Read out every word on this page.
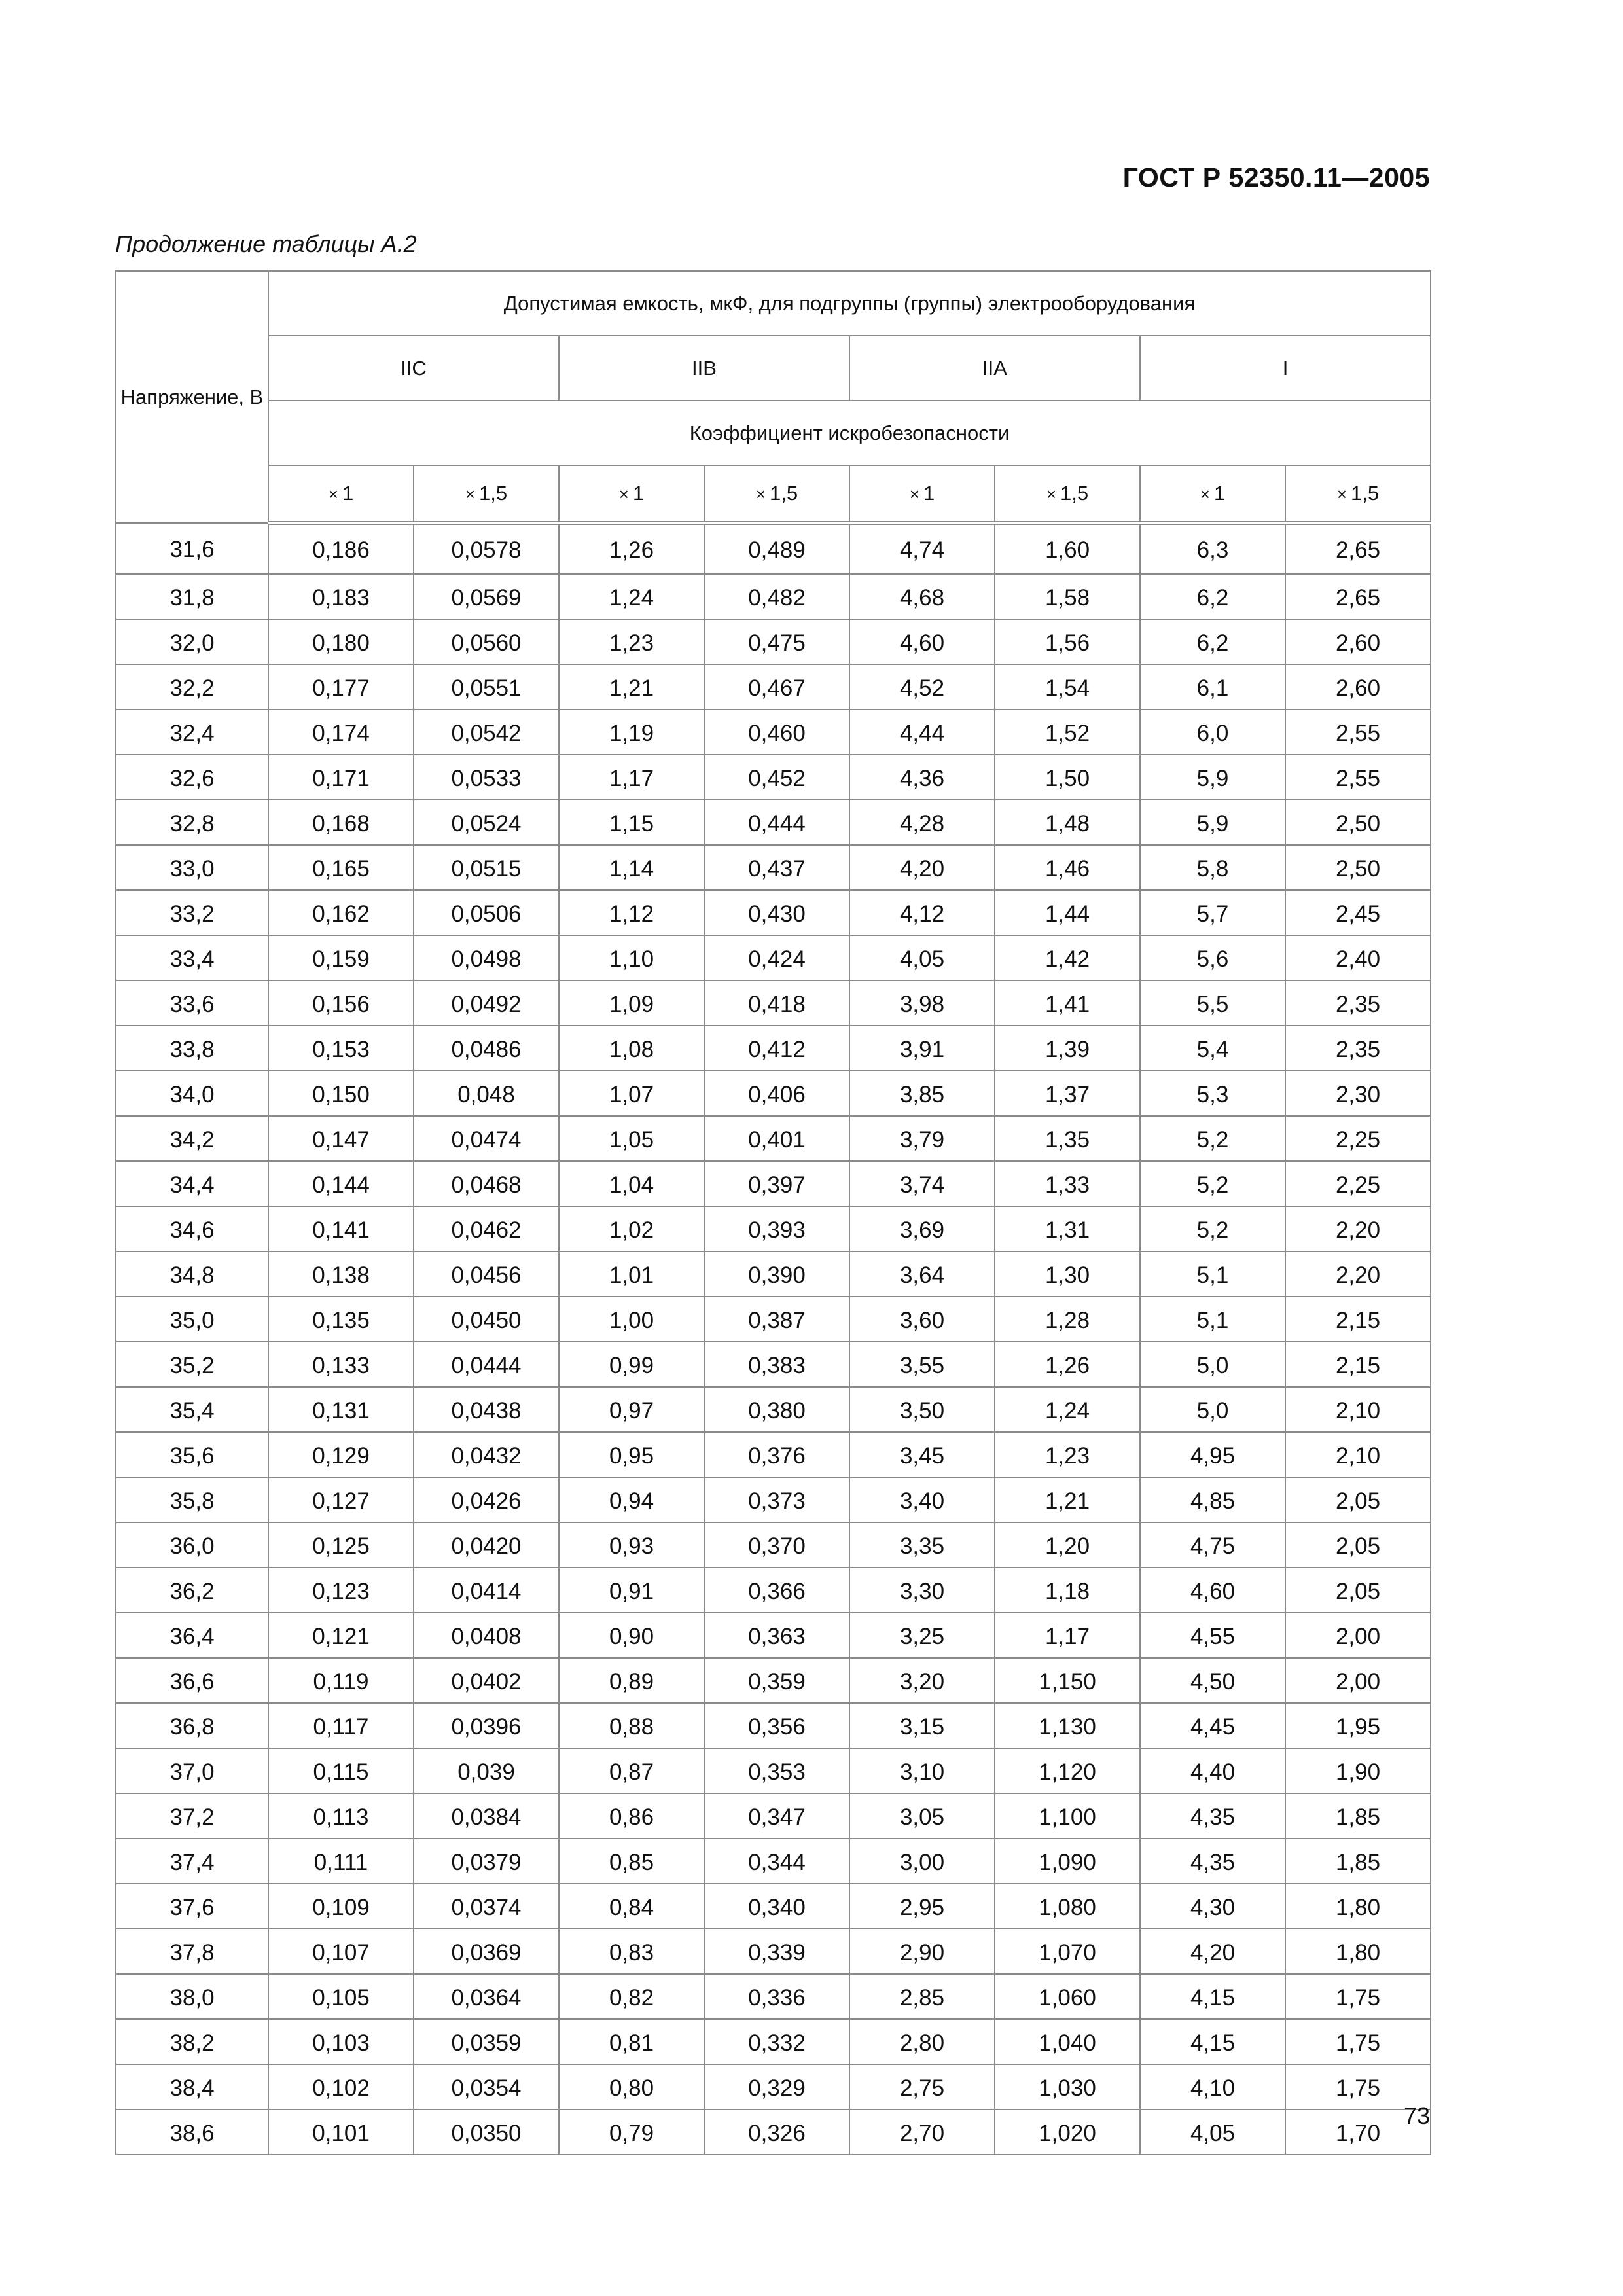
ГОСТ Р 52350.11—2005
Продолжение таблицы А.2
Напряжение, В	Допустимая емкость, мкФ, для подгруппы (группы) электрооборудования							
	IIC		IIB		IIA		I	
	Коэффициент искробезопасности							
	× 1	× 1,5	× 1	× 1,5	× 1	× 1,5	× 1	× 1,5
31,6	0,186	0,0578	1,26	0,489	4,74	1,60	6,3	2,65
31,8	0,183	0,0569	1,24	0,482	4,68	1,58	6,2	2,65
32,0	0,180	0,0560	1,23	0,475	4,60	1,56	6,2	2,60
32,2	0,177	0,0551	1,21	0,467	4,52	1,54	6,1	2,60
32,4	0,174	0,0542	1,19	0,460	4,44	1,52	6,0	2,55
32,6	0,171	0,0533	1,17	0,452	4,36	1,50	5,9	2,55
32,8	0,168	0,0524	1,15	0,444	4,28	1,48	5,9	2,50
33,0	0,165	0,0515	1,14	0,437	4,20	1,46	5,8	2,50
33,2	0,162	0,0506	1,12	0,430	4,12	1,44	5,7	2,45
33,4	0,159	0,0498	1,10	0,424	4,05	1,42	5,6	2,40
33,6	0,156	0,0492	1,09	0,418	3,98	1,41	5,5	2,35
33,8	0,153	0,0486	1,08	0,412	3,91	1,39	5,4	2,35
34,0	0,150	0,048	1,07	0,406	3,85	1,37	5,3	2,30
34,2	0,147	0,0474	1,05	0,401	3,79	1,35	5,2	2,25
34,4	0,144	0,0468	1,04	0,397	3,74	1,33	5,2	2,25
34,6	0,141	0,0462	1,02	0,393	3,69	1,31	5,2	2,20
34,8	0,138	0,0456	1,01	0,390	3,64	1,30	5,1	2,20
35,0	0,135	0,0450	1,00	0,387	3,60	1,28	5,1	2,15
35,2	0,133	0,0444	0,99	0,383	3,55	1,26	5,0	2,15
35,4	0,131	0,0438	0,97	0,380	3,50	1,24	5,0	2,10
35,6	0,129	0,0432	0,95	0,376	3,45	1,23	4,95	2,10
35,8	0,127	0,0426	0,94	0,373	3,40	1,21	4,85	2,05
36,0	0,125	0,0420	0,93	0,370	3,35	1,20	4,75	2,05
36,2	0,123	0,0414	0,91	0,366	3,30	1,18	4,60	2,05
36,4	0,121	0,0408	0,90	0,363	3,25	1,17	4,55	2,00
36,6	0,119	0,0402	0,89	0,359	3,20	1,150	4,50	2,00
36,8	0,117	0,0396	0,88	0,356	3,15	1,130	4,45	1,95
37,0	0,115	0,039	0,87	0,353	3,10	1,120	4,40	1,90
37,2	0,113	0,0384	0,86	0,347	3,05	1,100	4,35	1,85
37,4	0,111	0,0379	0,85	0,344	3,00	1,090	4,35	1,85
37,6	0,109	0,0374	0,84	0,340	2,95	1,080	4,30	1,80
37,8	0,107	0,0369	0,83	0,339	2,90	1,070	4,20	1,80
38,0	0,105	0,0364	0,82	0,336	2,85	1,060	4,15	1,75
38,2	0,103	0,0359	0,81	0,332	2,80	1,040	4,15	1,75
38,4	0,102	0,0354	0,80	0,329	2,75	1,030	4,10	1,75
38,6	0,101	0,0350	0,79	0,326	2,70	1,020	4,05	1,70
73
